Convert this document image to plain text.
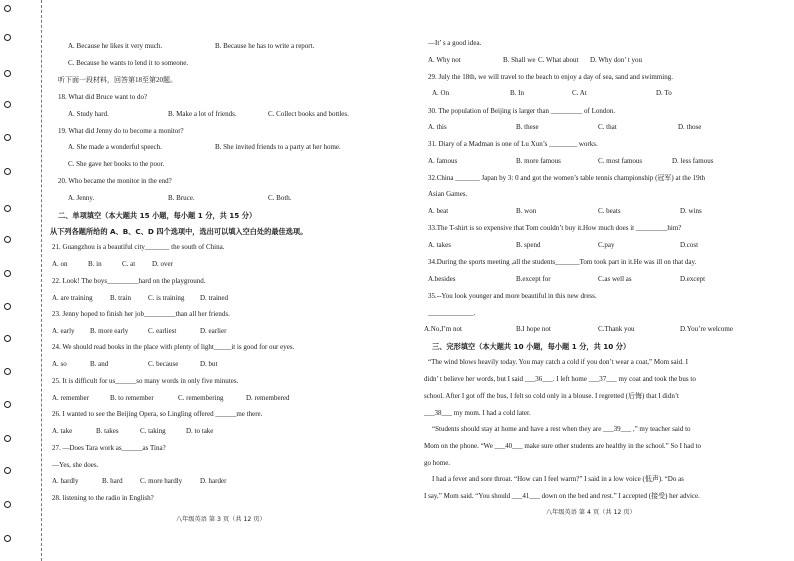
A. Because he likes it very much.	B. Because he has to write a report.
C. Because he wants to lend it to someone.
听下面一段材料，回答第18至第20题。
18. What did Bruce want to do?
A. Study hard.	B. Make a lot of friends.	C. Collect books and bottles.
19. What did Jenny do to become a monitor?
A. She made a wonderful speech.	B. She invited friends to a party at her home.
C. She gave her books to the poor.
20. Who became the monitor in the end?
A. Jenny.	B. Bruce.	C. Both.
二、单项填空（本大题共 15 小题，每小题 1 分，共 15 分）
从下列各题所给的 A、B、C、D 四个选项中，选出可以填入空白处的最佳选项。
21. Guangzhou is a beautiful city_______ the south of China.
A. on	B. in	C. at D. over
22. Look! The boys_________hard on the playground.
A. are training B. train C. is training D. trained
23. Jenny hoped to finish her job_________than all her friends.
A. early B. more early	C. earliest	D. earlier
24. We should read books in the place with plenty of light_____it is good for our eyes.
A. so	B. and	C. because	D. but
25. It is difficult for us______so many words in only five minutes.
A. remember	B. to remember	C. remembering	D. remembered
26. I wanted to see the Beijing Opera, so Lingling offered ______me there.
A. take	B. takes	C. taking	D. to take
27. —Does Tara work as______as Tina?
—Yes, she does.
A. hardly	B. hard C. more hardly	D. harder
28. listening to the radio in English?
八年级英语 第 3 页（共 12 页）
—It’ s a good idea.
A. Why not	B. Shall we C. What about D. Why don’ t you
29. July the 18th, we will travel to the beach to enjoy a day of sea, sand and swimming.
A. On	B. In	C. At	D. To
30. The population of Beijing is larger than _________ of London.
A. this	B. these	C. that	D. those
31. Diary of a Madman is one of Lu Xun’s ________ works.
A. famous	B. more famous	C. most famous	D. less famous
32.China _______ Japan by 3: 0 and got the women’s table tennis championship (冠军) at the 19th
Asian Games.
A. beat	B. won	C. beats	D. wins
33.The T-shirt is so expensive that Tom couldn’t buy it.How much does it _________him?
A. takes	B. spend	C.pay	D.cost
34.During the sports meeting ,all the students_______Tom took part in it.He was ill on that day.
A.besides	B.except for	C.as well as	D.except
35.--You look younger and more beautiful in this new dress.
_____________.
A.No,I’m not	B.I hope not	C.Thank you	D.You’re welcome
三、完形填空（本大题共 10 小题，每小题 1 分，共 10 分）
“The wind blows heavily today. You may catch a cold if you don’t wear a coat,” Mom said. I
didn’ t believe her words, but I said ___36___. I left home ___37___ my coat and took the bus to
school. After I got off the bus, I felt so cold only in a blouse. I regretted (后悔) that I didn’t
___38___ my mom. I had a cold later.
“Students should stay at home and have a rest when they are ___39___ ,” my teacher said to
Mom on the phone. “We ___40___ make sure other students are healthy in the school.” So I had to
go home.
I had a fever and sore throat. “How can I feel warm?” I said in a low voice (低声). “Do as
I say,” Mom said. “You should ___41___ down on the bed and rest.” I accepted (接受) her advice.
八年级英语 第 4 页（共 12 页）
